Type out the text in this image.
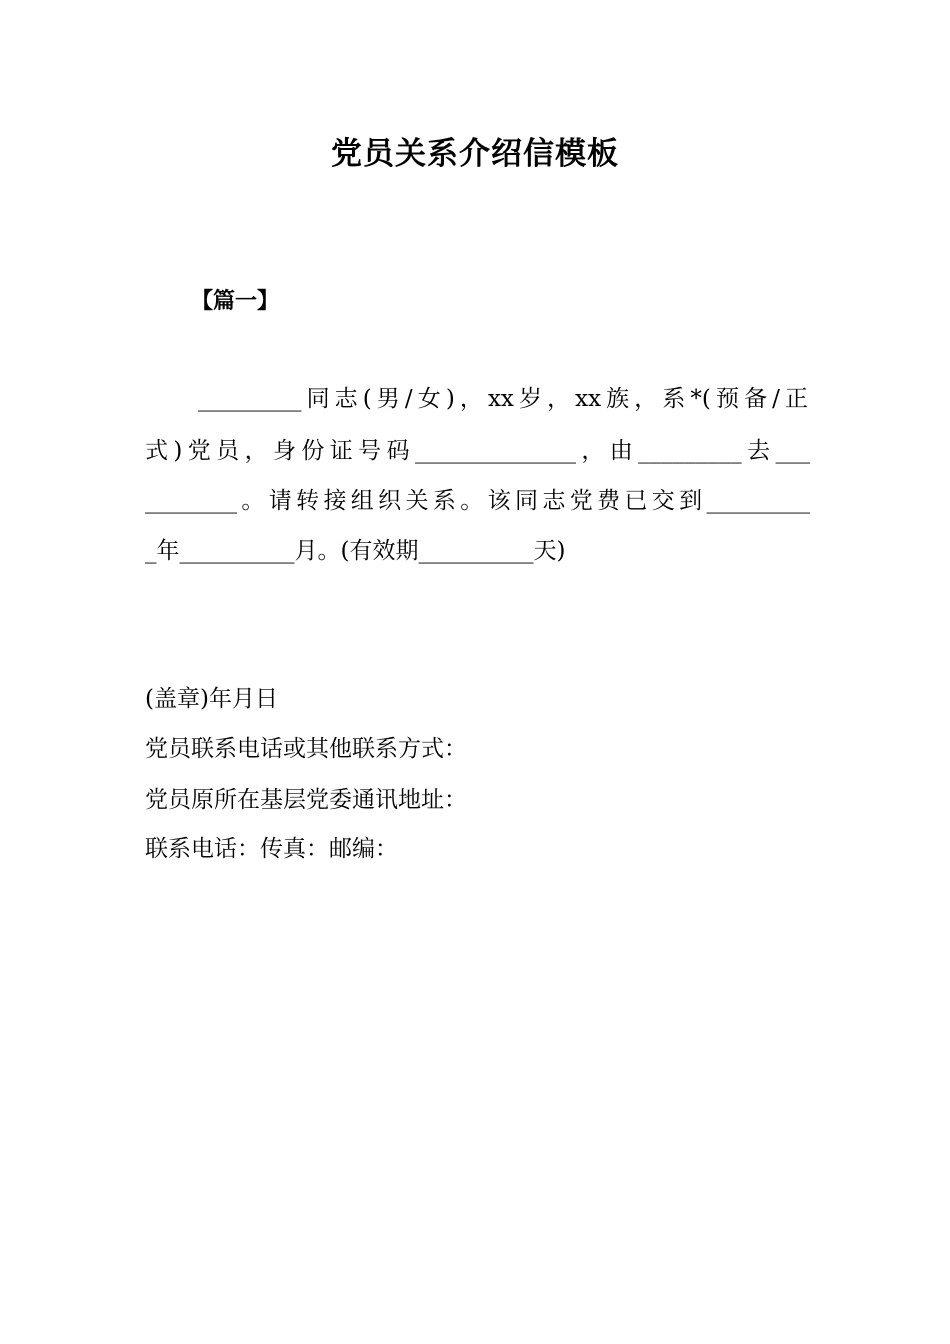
党员关系介绍信模板
【篇一】
_________同志(男/女)，xx岁，xx族，系*(预备/正
式)党员，身份证号码______________，由_________去___
________。请转接组织关系。该同志党费已交到_________
_年__________月。(有效期__________天)
(盖章)年月日
党员联系电话或其他联系方式：
党员原所在基层党委通讯地址：
联系电话：传真：邮编：
